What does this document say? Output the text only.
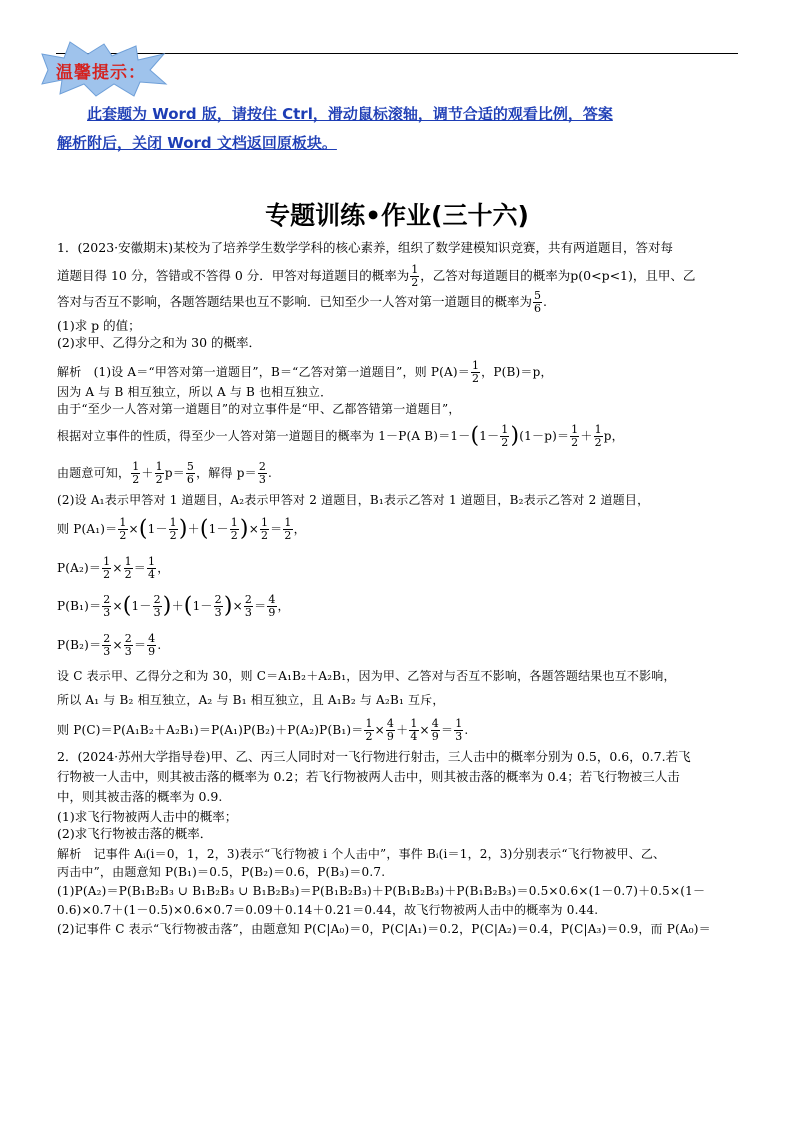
温馨提示：
此套题为 Word 版，请按住 Ctrl，滑动鼠标滚轴，调节合适的观看比例，答案
解析附后，关闭 Word 文档返回原板块。
专题训练•作业(三十六)
1．(2023·安徽期末)某校为了培养学生数学学科的核心素养，组织了数学建模知识竞赛，共有两道题目，答对每
道题目得 10 分，答错或不答得 0 分．甲答对每道题目的概率为 $\frac{1}{2}$ ，乙答对每道题目的概率为p(0<p<1)，且甲、乙
答对与否互不影响，各题答题结果也互不影响．已知至少一人答对第一道题目的概率为 $\frac{5}{6}$ .
(1)求 p 的值；
(2)求甲、乙得分之和为 30 的概率．
解析　(1)设 A＝“甲答对第一道题目”，B＝“乙答对第一道题目”，则 $P(A)= \frac{1}{2}$ ，P(B)＝p，
因为 A 与 B 相互独立，所以 A 与 B 也相互独立．
由于“至少一人答对第一道题目”的对立事件是“甲、乙都答错第一道题目”，
根据对立事件的性质，得至少一人答对第一道题目的概率为 1－P(A $B)=1-(1- \frac{1}{2} )(1-p)= \frac{1}{2} + \frac{1}{2}$ p，
由题意可知， $\frac{1}{2} + \frac{1}{2} p= \frac{5}{6}$ ，解得 $p= \frac{2}{3}$ .
(2)设 A₁表示甲答对 1 道题目，A₂表示甲答对 2 道题目，B₁表示乙答对 1 道题目，B₂表示乙答对 2 道题目，
则 $P(A_1)= \frac{1}{2} \times(1- \frac{1}{2} )+(1- \frac{1}{2}$ )× $\frac{1}{2} = \frac{1}{2}$ ，
$P(A_2)= \frac{1}{2} \times \frac{1}{2} = \frac{1}{4}$ ，
$P(B_1)= \frac{2}{3} \times(1- \frac{2}{3} )+(1- \frac{2}{3}$ )× $\frac{2}{3} = \frac{4}{9}$ ，
$P(B_2)= \frac{2}{3} \times \frac{2}{3} = \frac{4}{9}$ .
设 C 表示甲、乙得分之和为 30，则 C＝A₁B₂＋A₂B₁，因为甲、乙答对与否互不影响，各题答题结果也互不影响，
所以 A₁ 与 B₂ 相互独立，A₂ 与 B₁ 相互独立，且 A₁B₂ 与 A₂B₁ 互斥，
则 $P(C)=P(A_1B_2+A_2B_1)=P(A_1)P(B_2)+P(A_2)P(B_1)= \frac{1}{2} \times \frac{4}{9} + \frac{1}{4} \times \frac{4}{9} = \frac{1}{3}$ .
2．(2024·苏州大学指导卷)甲、乙、丙三人同时对一飞行物进行射击，三人击中的概率分别为 0.5，0.6，0.7.若飞
行物被一人击中，则其被击落的概率为 0.2；若飞行物被两人击中，则其被击落的概率为 0.4；若飞行物被三人击
中，则其被击落的概率为 0.9.
(1)求飞行物被两人击中的概率；
(2)求飞行物被击落的概率．
解析　记事件 Aᵢ(i＝0，1，2，3)表示“飞行物被 i 个人击中”，事件 Bᵢ(i＝1，2，3)分别表示“飞行物被甲、乙、
丙击中”，由题意知 P(B₁)＝0.5，P(B₂)＝0.6，P(B₃)＝0.7.
(1)P(A₂)＝P(B₁B₂B₃ ∪ B₁B₂B₃ ∪ B₁B₂B₃)＝P(B₁B₂B₃)＋P(B₁B₂B₃)＋P(B₁B₂B₃)＝0.5×0.6×(1－0.7)＋0.5×(1－
0.6)×0.7＋(1－0.5)×0.6×0.7＝0.09＋0.14＋0.21＝0.44，故飞行物被两人击中的概率为 0.44.
(2)记事件 C 表示“飞行物被击落”，由题意知 P(C|A₀)＝0，P(C|A₁)＝0.2，P(C|A₂)＝0.4，P(C|A₃)＝0.9，而 P(A₀)＝
